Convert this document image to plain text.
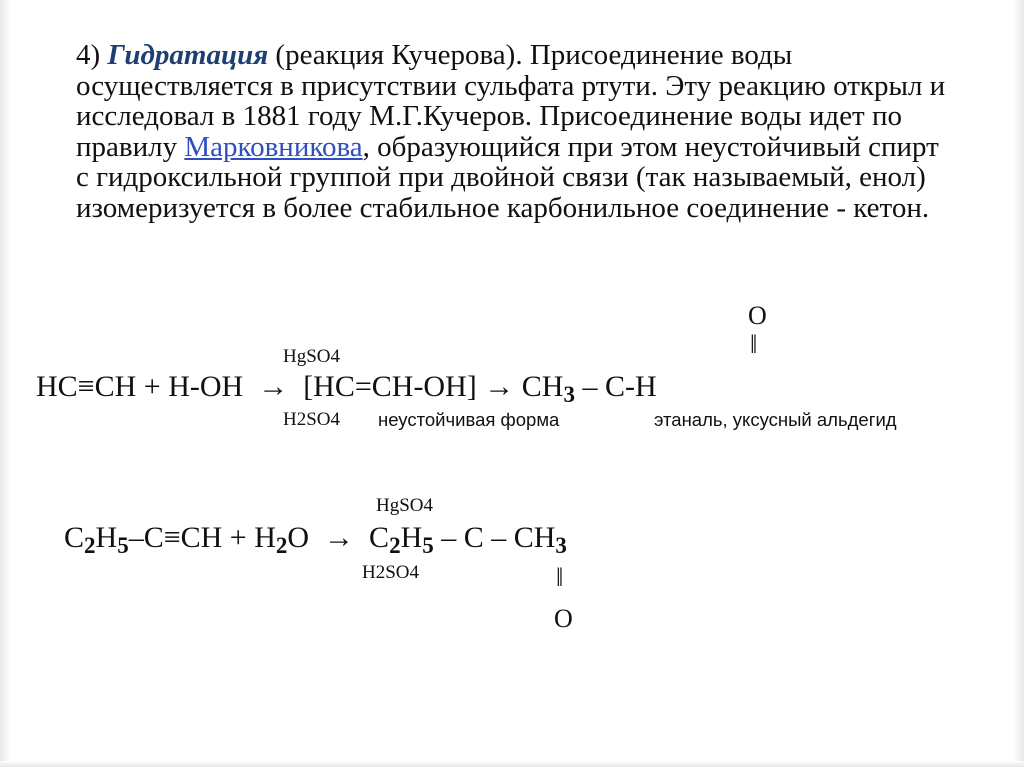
4) Гидратация (реакция Кучерова). Присоединение воды осуществляется в присутствии сульфата ртути. Эту реакцию открыл и исследовал в 1881 году М.Г.Кучеров. Присоединение воды идет по правилу Марковникова, образующийся при этом неустойчивый спирт с гидроксильной группой при двойной связи (так называемый, енол) изомеризуется в более стабильное карбонильное соединение - кетон.

O
‖
HgSO4
$HC\equiv CH + H-OH \to [HC=CH-OH] \to CH_3 - C-H$
H2SO4 неустойчивая форма	этаналь, уксусный альдегид
HgSO4
$C_2H_5-C\equiv CH + H_2O \to C_2H_5 - C - CH_3$
H2SO4	‖
O
